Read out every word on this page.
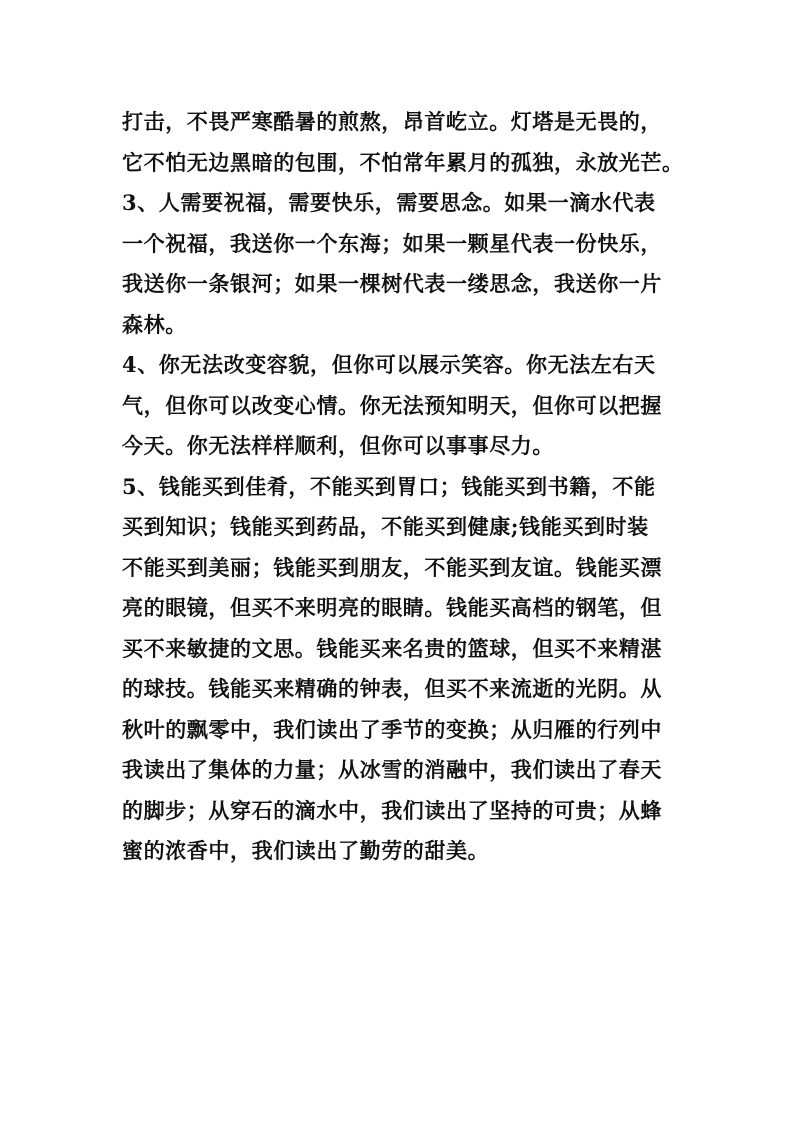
打击，不畏严寒酷暑的煎熬，昂首屹立。灯塔是无畏的，
它不怕无边黑暗的包围，不怕常年累月的孤独，永放光芒。
3、人需要祝福，需要快乐，需要思念。如果一滴水代表
一个祝福，我送你一个东海；如果一颗星代表一份快乐，
我送你一条银河；如果一棵树代表一缕思念，我送你一片
森林。
4、你无法改变容貌，但你可以展示笑容。你无法左右天
气，但你可以改变心情。你无法预知明天，但你可以把握
今天。你无法样样顺利，但你可以事事尽力。
5、钱能买到佳肴，不能买到胃口；钱能买到书籍，不能
买到知识；钱能买到药品，不能买到健康;钱能买到时装
不能买到美丽；钱能买到朋友，不能买到友谊。钱能买漂
亮的眼镜，但买不来明亮的眼睛。钱能买高档的钢笔，但
买不来敏捷的文思。钱能买来名贵的篮球，但买不来精湛
的球技。钱能买来精确的钟表，但买不来流逝的光阴。从
秋叶的飘零中，我们读出了季节的变换；从归雁的行列中
我读出了集体的力量；从冰雪的消融中，我们读出了春天
的脚步；从穿石的滴水中，我们读出了坚持的可贵；从蜂
蜜的浓香中，我们读出了勤劳的甜美。
